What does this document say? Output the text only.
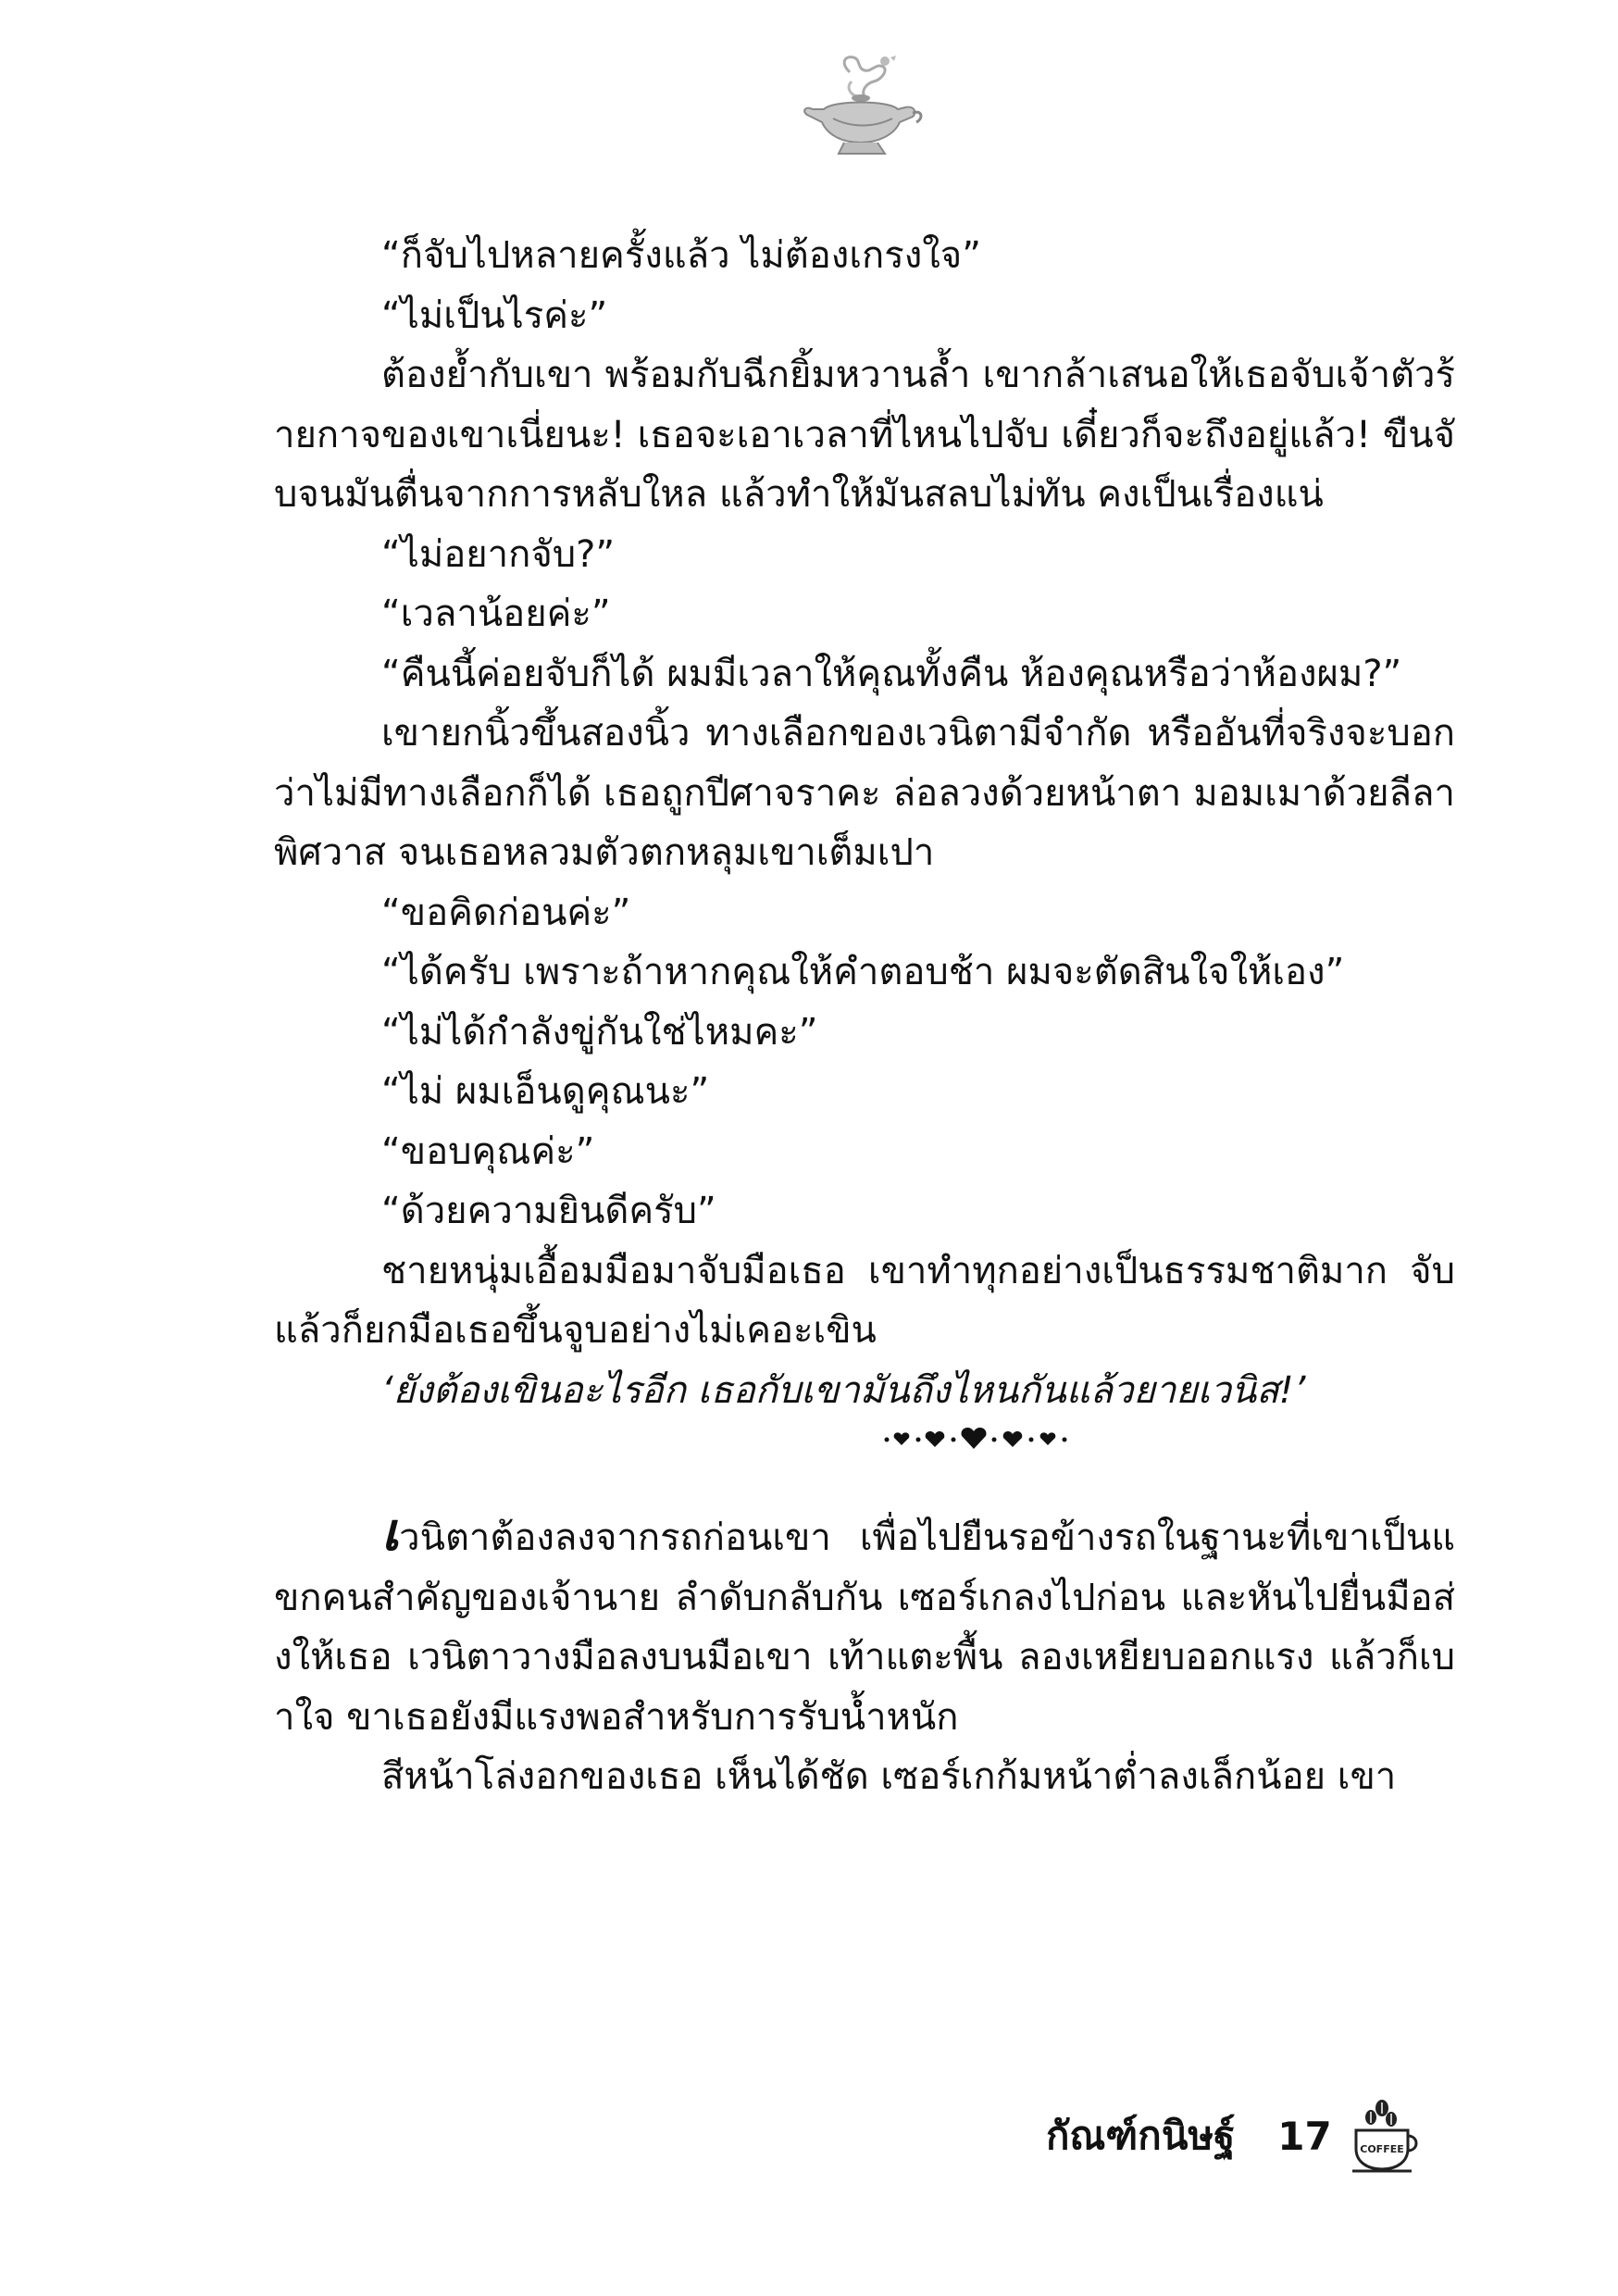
“ก็จับไปหลายครั้งแล้ว ไม่ต้องเกรงใจ”

“ไม่เป็นไรค่ะ”

ต้องย้ำกับเขา พร้อมกับฉีกยิ้มหวานล้ำ เขากล้าเสนอให้เธอจับเจ้าตัวร้ายกาจของเขาเนี่ยนะ! เธอจะเอาเวลาที่ไหนไปจับ เดี๋ยวก็จะถึงอยู่แล้ว! ขืนจับจนมันตื่นจากการหลับใหล แล้วทำให้มันสลบไม่ทัน คงเป็นเรื่องแน่

“ไม่อยากจับ?”

“เวลาน้อยค่ะ”

“คืนนี้ค่อยจับก็ได้ ผมมีเวลาให้คุณทั้งคืน ห้องคุณหรือว่าห้องผม?”

เขายกนิ้วขึ้นสองนิ้ว ทางเลือกของเวนิตามีจำกัด หรืออันที่จริงจะบอกว่าไม่มีทางเลือกก็ได้ เธอถูกปีศาจราคะ ล่อลวงด้วยหน้าตา มอมเมาด้วยลีลาพิศวาส จนเธอหลวมตัวตกหลุมเขาเต็มเปา

“ขอคิดก่อนค่ะ”

“ได้ครับ เพราะถ้าหากคุณให้คำตอบช้า ผมจะตัดสินใจให้เอง”

“ไม่ได้กำลังขู่กันใช่ไหมคะ”

“ไม่ ผมเอ็นดูคุณนะ”

“ขอบคุณค่ะ”

“ด้วยความยินดีครับ”

ชายหนุ่มเอื้อมมือมาจับมือเธอ เขาทำทุกอย่างเป็นธรรมชาติมาก จับแล้วก็ยกมือเธอขึ้นจูบอย่างไม่เคอะเขิน

‘ยังต้องเขินอะไรอีก เธอกับเขามันถึงไหนกันแล้วยายเวนิส!’

เวนิตาต้องลงจากรถก่อนเขา เพื่อไปยืนรอข้างรถในฐานะที่เขาเป็นแขกคนสำคัญของเจ้านาย ลำดับกลับกัน เซอร์เกลงไปก่อน และหันไปยื่นมือส่งให้เธอ เวนิตาวางมือลงบนมือเขา เท้าแตะพื้น ลองเหยียบออกแรง แล้วก็เบาใจ ขาเธอยังมีแรงพอสำหรับการรับน้ำหนัก

สีหน้าโล่งอกของเธอ เห็นได้ชัด เซอร์เกก้มหน้าต่ำลงเล็กน้อย เขา

กัณฑ์กนิษฐ์ 17	COFFEE
